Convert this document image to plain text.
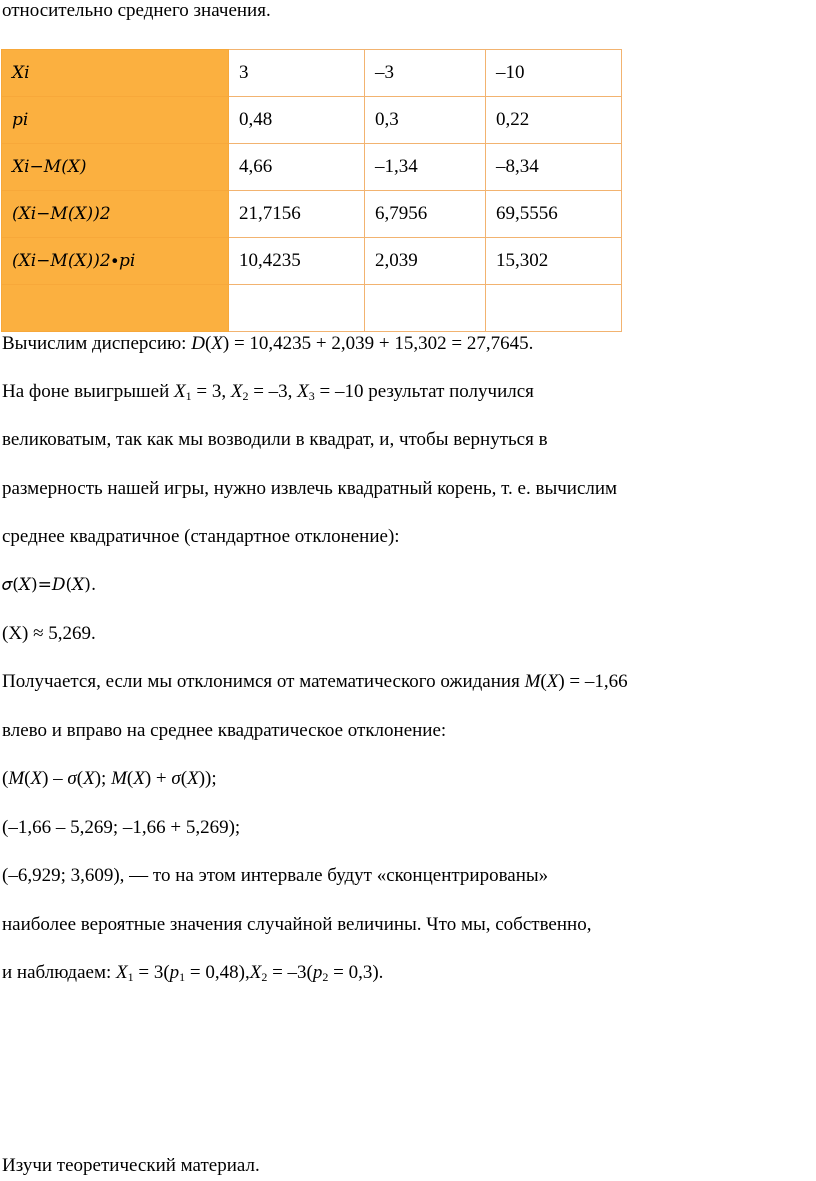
относительно среднего значения.
𝑋𝑖	3	–3	–10
𝑝𝑖	0,48	0,3	0,22
𝑋𝑖−𝑀(𝑋)	4,66	–1,34	–8,34
(𝑋𝑖−𝑀(𝑋))2	21,7156	6,7956	69,5556
(𝑋𝑖−𝑀(𝑋))2∙𝑝𝑖	10,4235	2,039	15,302

Вычислим дисперсию: D(X) = 10,4235 + 2,039 + 15,302 = 27,7645.
На фоне выигрышей $X_1 = 3$, $X_2 = -3$, $X_3 = -10$ результат получился
великоватым, так как мы возводили в квадрат, и, чтобы вернуться в
размерность нашей игры, нужно извлечь квадратный корень, т. е. вычислим
среднее квадратичное (стандартное отклонение):
𝜎(𝑋)=𝐷(𝑋).
(X) ≈ 5,269.
Получается, если мы отклонимся от математического ожидания M(X) = –1,66
влево и вправо на среднее квадратическое отклонение:
(M(X) – σ(X); M(X) + σ(X));
(–1,66 – 5,269; –1,66 + 5,269);
(–6,929; 3,609), — то на этом интервале будут «сконцентрированы»
наиболее вероятные значения случайной величины. Что мы, собственно,
и наблюдаем: $X_1 = 3(p_1 = 0,48),X_2 = -3(p_2 = 0,3)$.
Изучи теоретический материал.
